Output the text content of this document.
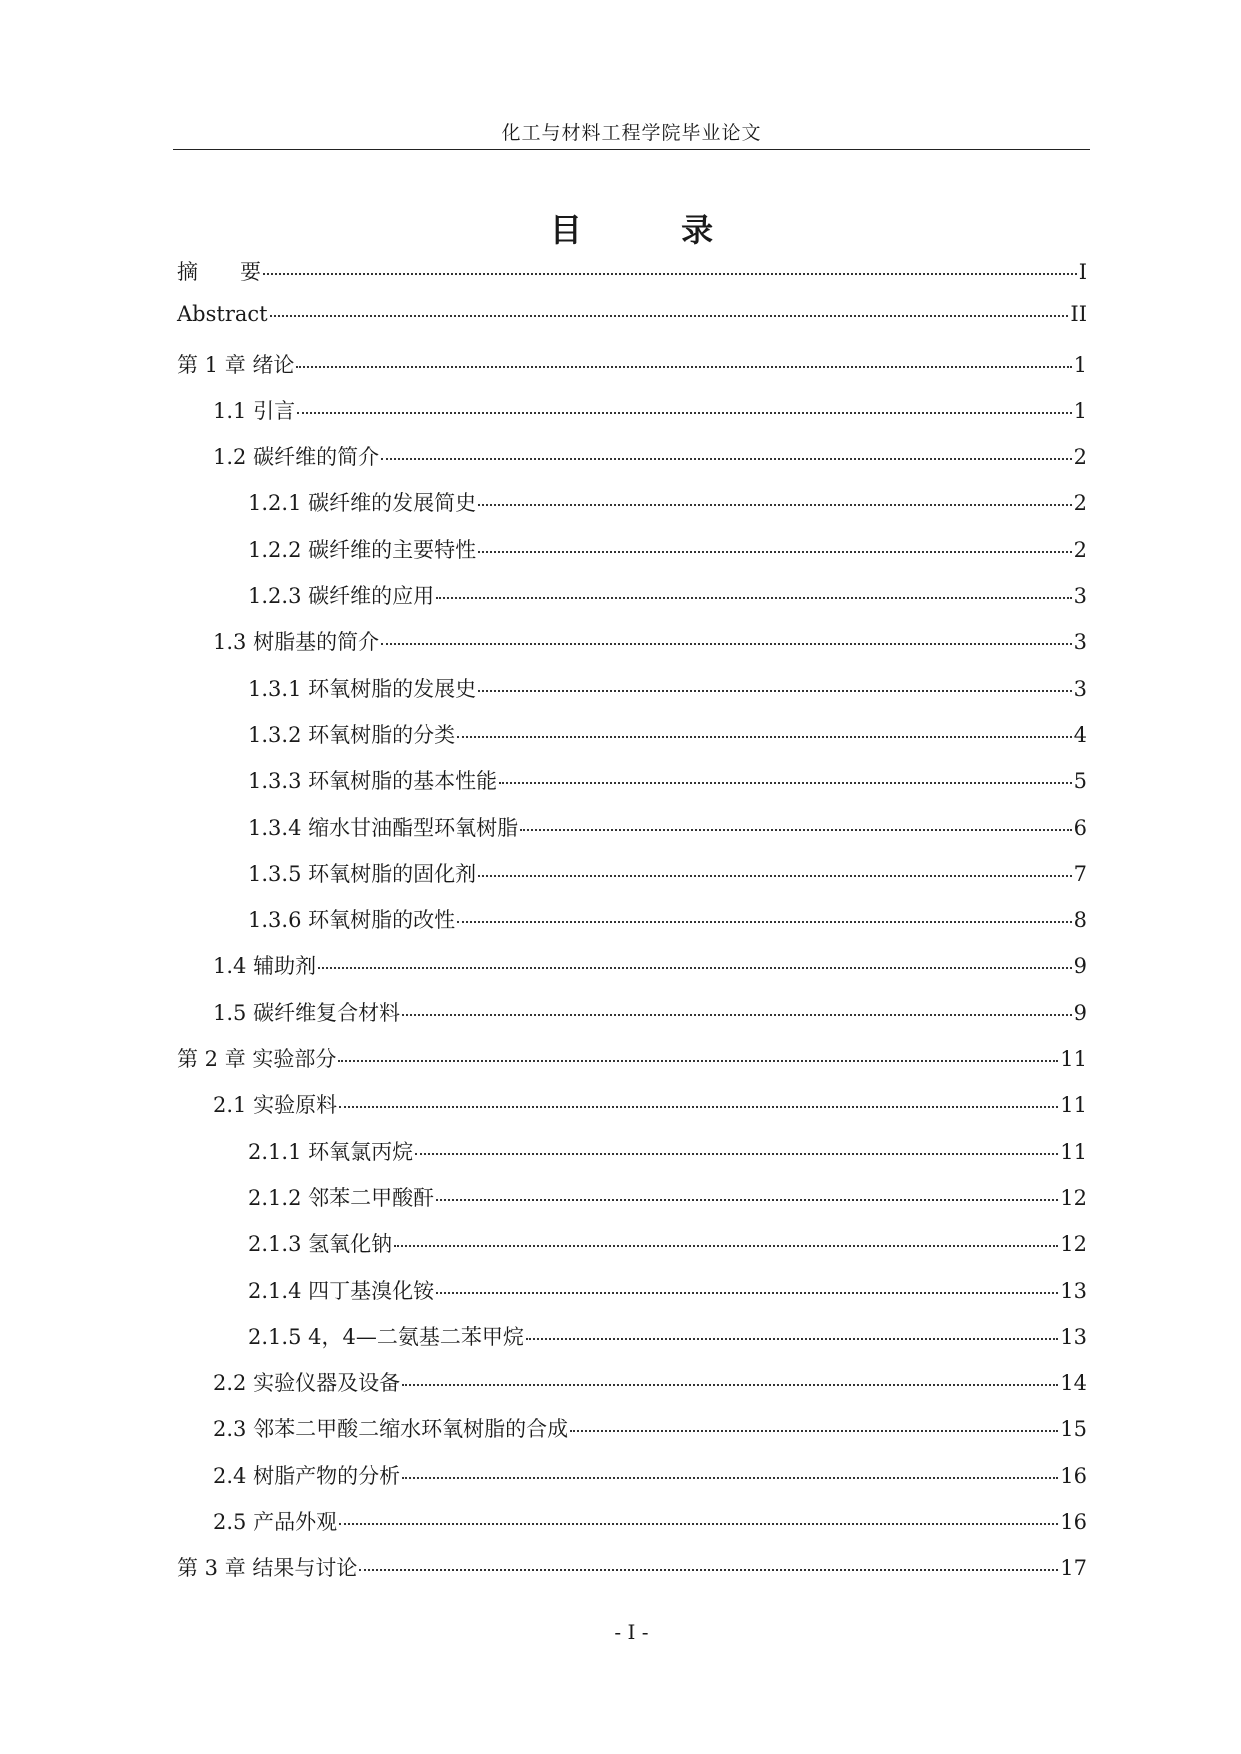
化工与材料工程学院毕业论文
目 录
摘　　要	I
Abstract	II
第 1 章 绪论	1
1.1 引言	1
1.2 碳纤维的简介	2
1.2.1 碳纤维的发展简史	2
1.2.2 碳纤维的主要特性	2
1.2.3 碳纤维的应用	3
1.3 树脂基的简介	3
1.3.1 环氧树脂的发展史	3
1.3.2 环氧树脂的分类	4
1.3.3 环氧树脂的基本性能	5
1.3.4 缩水甘油酯型环氧树脂	6
1.3.5 环氧树脂的固化剂	7
1.3.6 环氧树脂的改性	8
1.4 辅助剂	9
1.5 碳纤维复合材料	9
第 2 章 实验部分	11
2.1 实验原料	11
2.1.1 环氧氯丙烷	11
2.1.2 邻苯二甲酸酐	12
2.1.3 氢氧化钠	12
2.1.4 四丁基溴化铵	13
2.1.5 4，4—二氨基二苯甲烷	13
2.2 实验仪器及设备	14
2.3 邻苯二甲酸二缩水环氧树脂的合成	15
2.4 树脂产物的分析	16
2.5 产品外观	16
第 3 章 结果与讨论	17
- I -
